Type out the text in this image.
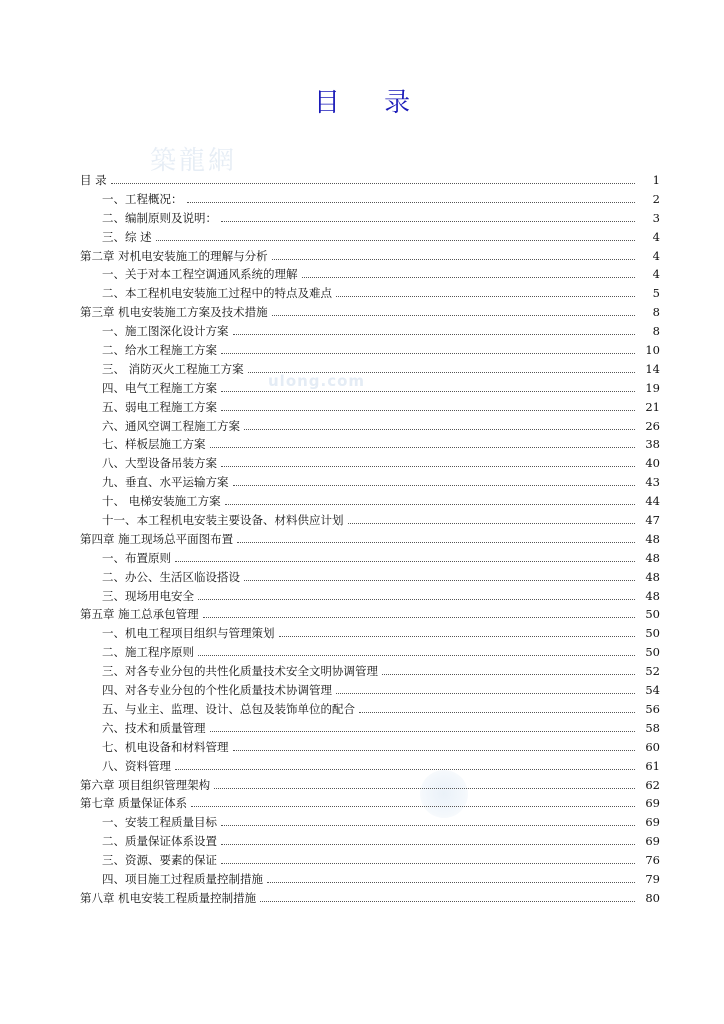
築龍網
ulong.com
目 录
目 录	1
一、工程概况：	2
二、编制原则及说明：	3
三、综 述	4
第二章 对机电安装施工的理解与分析	4
一、关于对本工程空调通风系统的理解	4
二、本工程机电安装施工过程中的特点及难点	5
第三章 机电安装施工方案及技术措施	8
一、施工图深化设计方案	8
二、给水工程施工方案	10
三、 消防灭火工程施工方案	14
四、电气工程施工方案	19
五、弱电工程施工方案	21
六、通风空调工程施工方案	26
七、样板层施工方案	38
八、大型设备吊装方案	40
九、垂直、水平运输方案	43
十、 电梯安装施工方案	44
十一、本工程机电安装主要设备、材料供应计划	47
第四章 施工现场总平面图布置	48
一、布置原则	48
二、办公、生活区临设搭设	48
三、现场用电安全	48
第五章 施工总承包管理	50
一、机电工程项目组织与管理策划	50
二、施工程序原则	50
三、对各专业分包的共性化质量技术安全文明协调管理	52
四、对各专业分包的个性化质量技术协调管理	54
五、与业主、监理、设计、总包及装饰单位的配合	56
六、技术和质量管理	58
七、机电设备和材料管理	60
八、资料管理	61
第六章 项目组织管理架构	62
第七章 质量保证体系	69
一、安装工程质量目标	69
二、质量保证体系设置	69
三、资源、要素的保证	76
四、项目施工过程质量控制措施	79
第八章 机电安装工程质量控制措施	80
